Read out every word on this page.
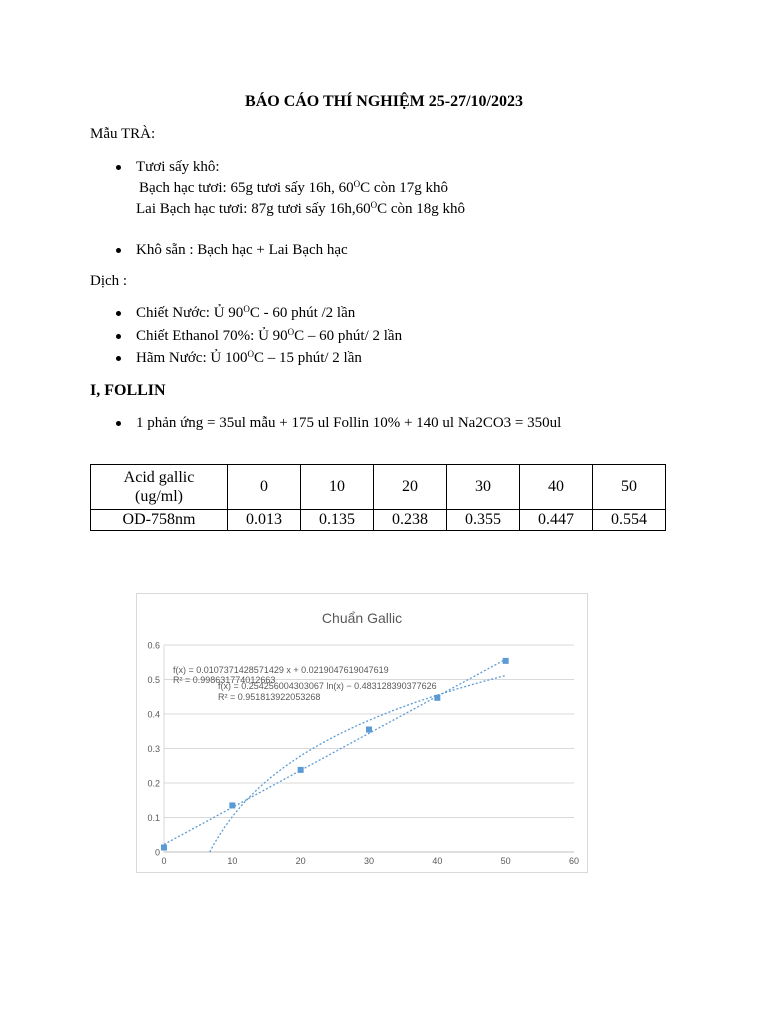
BÁO CÁO THÍ NGHIỆM 25-27/10/2023
Mẫu TRÀ:
Tươi sấy khô:
Bạch hạc tươi: 65g tươi sấy 16h, $60^OC$ còn 17g khô
Lai Bạch hạc tươi: 87g tươi sấy $16h,60^OC$ còn 18g khô
Khô sẵn : Bạch hạc + Lai Bạch hạc
Dịch :
Chiết Nước: Ủ $90^OC - 60$ phút /2 lần
Chiết Ethanol 70%: Ủ $90^OC - 60$ phút/ 2 lần
Hãm Nước: Ủ $100^OC - 15$ phút/ 2 lần
I, FOLLIN
1 phản ứng = 35ul mẫu + 175 ul Follin 10% + 140 ul Na2CO3 = 350ul
Acid gallic
(ug/ml)	0	10	20	30	40	50
OD-758nm	0.013	0.135	0.238	0.355	0.447	0.554
Chuẩn Gallic
0
0.1
0.2
0.3
0.4
0.5
0.6
0	10	20	30	40	50	60
f(x) = 0.0107371428571429 x + 0.0219047619047619
R² = 0.998631774012663
f(x) = 0.254256004303067 ln(x) − 0.483128390377626
R² = 0.951813922053268
